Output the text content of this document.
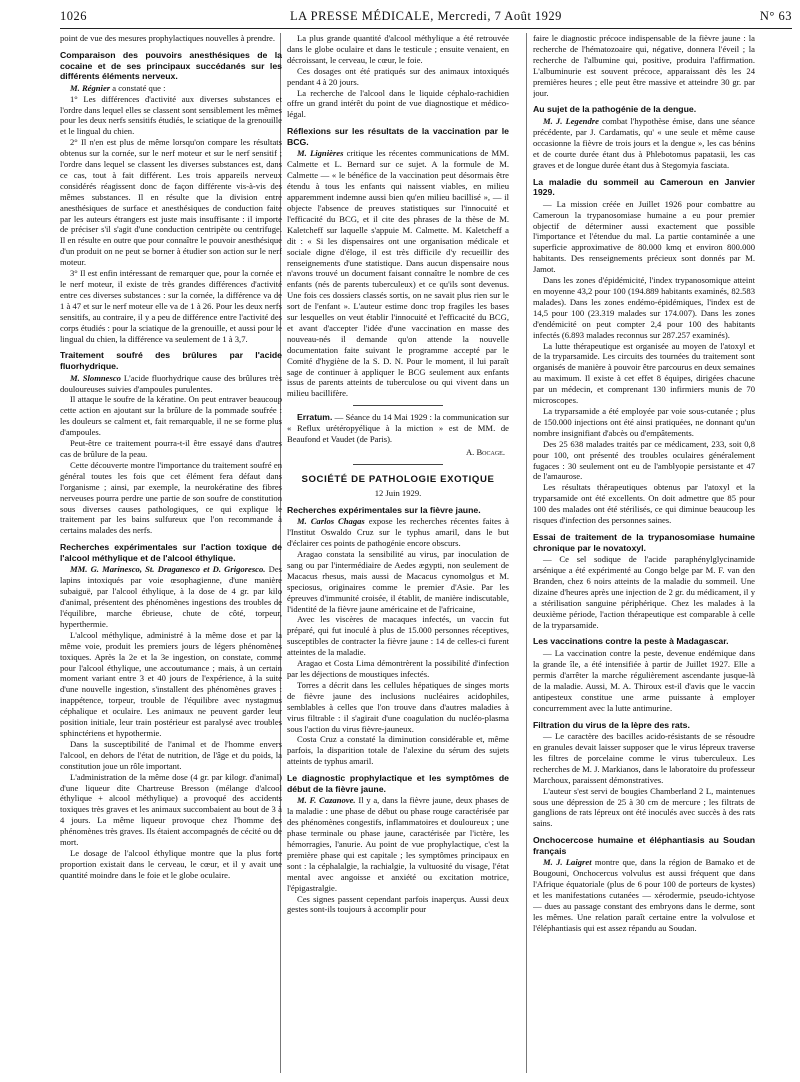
1026	LA PRESSE MÉDICALE, Mercredi, 7 Août 1929	N° 63

point de vue des mesures prophylactiques nouvelles à prendre.

Comparaison des pouvoirs anesthésiques de la cocaine et de ses principaux succédanés sur les différents éléments nerveux.

M. Régnier a constaté que :

1° Les différences d'activité aux diverses substances et l'ordre dans lequel elles se classent sont sensiblement les mêmes pour les deux nerfs sensitifs étudiés, le sciatique de la grenouille et le lingual du chien.

2° Il n'en est plus de même lorsqu'on compare les résultats obtenus sur la cornée, sur le nerf moteur et sur le nerf sensitif ; l'ordre dans lequel se classent les diverses substances est, dans ce cas, tout à fait différent. Les trois appareils nerveux considérés réagissent donc de façon différente vis-à-vis des mêmes substances. Il en résulte que la division entre anesthésiques de surface et anesthésiques de conduction faite par les auteurs étrangers est juste mais insuffisante : il importe de préciser s'il s'agit d'une conduction centripète ou centrifuge. Il en résulte en outre que pour connaître le pouvoir anesthésique d'un produit on ne peut se borner à étudier son action sur le nerf moteur.

3° Il est enfin intéressant de remarquer que, pour la cornée et le nerf moteur, il existe de très grandes différences d'activité entre ces diverses substances : sur la cornée, la différence va de 1 à 47 et sur le nerf moteur elle va de 1 à 26. Pour les deux nerfs sensitifs, au contraire, il y a peu de différence entre l'activité des corps étudiés : pour la sciatique de la grenouille, et aussi pour le lingual du chien, la différence va seulement de 1 à 3,7.

Traitement soufré des brûlures par l'acide fluorhydrique.

M. Slomnesco L'acide fluorhydrique cause des brûlures très douloureuses suivies d'ampoules purulentes.

Il attaque le soufre de la kératine. On peut entraver beaucoup cette action en ajoutant sur la brûlure de la pommade soufrée : les douleurs se calment et, fait remarquable, il ne se forme plus d'ampoules.

Peut-être ce traitement pourra-t-il être essayé dans d'autres cas de brûlure de la peau.

Cette découverte montre l'importance du traitement soufré en général toutes les fois que cet élément fera défaut dans l'organisme ; ainsi, par exemple, la neurokératine des fibres nerveuses pourra perdre une partie de son soufre de constitution sous diverses causes pathologiques, ce qui explique le traitement par les bains sulfureux que l'on recommande à certains malades des nerfs.

Recherches expérimentales sur l'action toxique de l'alcool méthylique et de l'alcool éthylique.

MM. G. Marinesco, St. Draganesco et D. Grigoresco. Des lapins intoxiqués par voie œsophagienne, d'une manière subaiguë, par l'alcool éthylique, à la dose de 4 gr. par kilo d'animal, présentent des phénomènes ingestions des troubles de l'équilibre, marche ébrieuse, chute de côté, torpeur, hyperthermie.

L'alcool méthylique, administré à la même dose et par la même voie, produit les premiers jours de légers phénomènes toxiques. Après la 2e et la 3e ingestion, on constate, comme pour l'alcool éthylique, une accoutumance ; mais, à un certain moment variant entre 3 et 40 jours de l'expérience, à la suite d'une nouvelle ingestion, s'installent des phénomènes graves : inappétence, torpeur, trouble de l'équilibre avec nystagmus céphalique et oculaire. Les animaux ne peuvent garder leur position initiale, leur train postérieur est paralysé avec troubles sphinctériens et hypothermie.

Dans la susceptibilité de l'animal et de l'homme envers l'alcool, en dehors de l'état de nutrition, de l'âge et du poids, la constitution joue un rôle important.

L'administration de la même dose (4 gr. par kilogr. d'animal) d'une liqueur dite Chartreuse Bresson (mélange d'alcool éthylique + alcool méthylique) a provoqué des accidents toxiques très graves et les animaux succombaient au bout de 3 à 4 jours. La même liqueur provoque chez l'homme des phénomènes très graves. Ils étaient accompagnés de cécité ou de mort.

Le dosage de l'alcool éthylique montre que la plus forte proportion existait dans le cerveau, le cœur, et il y avait une quantité moindre dans le foie et le globe oculaire.

La plus grande quantité d'alcool méthylique a été retrouvée dans le globe oculaire et dans le testicule ; ensuite venaient, en décroissant, le cerveau, le cœur, le foie.

Ces dosages ont été pratiqués sur des animaux intoxiqués pendant 4 à 20 jours.

La recherche de l'alcool dans le liquide céphalo-rachidien offre un grand intérêt du point de vue diagnostique et médico-légal.

Réflexions sur les résultats de la vaccination par le BCG.

M. Lignières critique les récentes communications de MM. Calmette et L. Bernard sur ce sujet. A la formule de M. Calmette — « le bénéfice de la vaccination peut désormais être étendu à tous les enfants qui naissent viables, en milieu apparemment indemne aussi bien qu'en milieu bacillisé », — il objecte l'absence de preuves statistiques sur l'innocuité et l'efficacité du BCG, et il cite des phrases de la thèse de M. Kaletcheff sur laquelle s'appuie M. Calmette. M. Kaletcheff a dit : « Si les dispensaires ont une organisation médicale et sociale digne d'éloge, il est très difficile d'y recueillir des renseignements d'une statistique. Dans aucun dispensaire nous n'avons trouvé un document faisant connaître le nombre de ces enfants (nés de parents tuberculeux) et ce qu'ils sont devenus. Une fois ces dossiers classés sortis, on ne savait plus rien sur le sort de l'enfant ». L'auteur estime donc trop fragiles les bases sur lesquelles on veut établir l'innocuité et l'efficacité du BCG, et avant d'accepter l'idée d'une vaccination en masse des nouveau-nés il demande qu'on attende la nouvelle documentation faite suivant le programme accepté par le Comité d'hygiène de la S. D. N. Pour le moment, il lui paraît sage de continuer à appliquer le BCG seulement aux enfants issus de parents atteints de tuberculose ou qui vivent dans un milieu bacillifère.

Erratum. — Séance du 14 Mai 1929 : la communication sur « Reflux urétéropyélique à la miction » est de MM. de Beaufond et Vaudet (de Paris).

A. Bocage.
SOCIÉTÉ DE PATHOLOGIE EXOTIQUE
12 Juin 1929.
Recherches expérimentales sur la fièvre jaune.

M. Carlos Chagas expose les recherches récentes faites à l'Institut Oswaldo Cruz sur le typhus amaril, dans le but d'éclairer ces points de pathogénie encore obscurs.

Aragao constata la sensibilité au virus, par inoculation de sang ou par l'intermédiaire de Aedes ægypti, non seulement de Macacus rhesus, mais aussi de Macacus cynomolgus et M. speciosus, originaires comme le premier d'Asie. Par les épreuves d'immunité croisée, il établit, de manière indiscutable, l'identité de la fièvre jaune américaine et de l'africaine,

Avec les viscères de macaques infectés, un vaccin fut préparé, qui fut inoculé à plus de 15.000 personnes réceptives, susceptibles de contracter la fièvre jaune : 14 de celles-ci furent atteintes de la maladie.

Aragao et Costa Lima démontrèrent la possibilité d'infection par les déjections de moustiques infectés.

Torres a décrit dans les cellules hépatiques de singes morts de fièvre jaune des inclusions nucléaires acidophiles, semblables à celles que l'on trouve dans d'autres maladies à virus filtrable : il s'agirait d'une coagulation du nucléo-plasma sous l'action du virus fièvre-jauneux.

Costa Cruz a constaté la diminution considérable et, même parfois, la disparition totale de l'alexine du sérum des sujets atteints de typhus amaril.

Le diagnostic prophylactique et les symptômes de début de la fièvre jaune.

M. F. Cazanove. Il y a, dans la fièvre jaune, deux phases de la maladie : une phase de début ou phase rouge caractérisée par des phénomènes congestifs, inflammatoires et douloureux ; une phase terminale ou phase jaune, caractérisée par l'ictère, les hémorragies, l'anurie. Au point de vue prophylactique, c'est la première phase qui est capitale ; les symptômes principaux en sont : la céphalalgie, la rachialgie, la vultuosité du visage, l'état mental avec angoisse et anxiété ou excitation motrice, l'épigastralgie.

Ces signes passent cependant parfois inaperçus. Aussi deux gestes sont-ils toujours à accomplir pour

faire le diagnostic précoce indispensable de la fièvre jaune : la recherche de l'hématozoaire qui, négative, donnera l'éveil ; la recherche de l'albumine qui, positive, produira l'affirmation. L'albuminurie est souvent précoce, apparaissant dès les 24 premières heures ; elle peut être massive et atteindre 30 gr. par jour.

Au sujet de la pathogénie de la dengue.

M. J. Legendre combat l'hypothèse émise, dans une séance précédente, par J. Cardamatis, qu' « une seule et même cause occasionne la fièvre de trois jours et la dengue », les cas bénins et de courte durée étant dus à Phlebotomus papatasii, les cas graves et de longue durée étant dus à Stegomyia fasciata.

La maladie du sommeil au Cameroun en Janvier 1929.

— La mission créée en Juillet 1926 pour combattre au Cameroun la trypanosomiase humaine a eu pour premier objectif de déterminer aussi exactement que possible l'importance et l'étendue du mal. La partie contaminée a une superficie approximative de 80.000 kmq et environ 800.000 habitants. Des renseignements précieux sont donnés par M. Jamot.

Dans les zones d'épidémicité, l'index trypanosomique atteint en moyenne 43,2 pour 100 (194.889 habitants examinés, 82.583 malades). Dans les zones endémo-épidémiques, l'index est de 14,5 pour 100 (23.319 malades sur 174.007). Dans les zones d'endémicité on peut compter 2,4 pour 100 des habitants infectés (6.893 malades reconnus sur 287.257 examinés).

La lutte thérapeutique est organisée au moyen de l'atoxyl et de la tryparsamide. Les circuits des tournées du traitement sont organisés de manière à pouvoir être parcourus en deux semaines au maximum. Il existe à cet effet 8 équipes, dirigées chacune par un médecin, et comprenant 130 infirmiers munis de 70 microscopes.

La tryparsamide a été employée par voie sous-cutanée ; plus de 150.000 injections ont été ainsi pratiquées, ne donnant qu'un nombre insignifiant d'abcès ou d'empâtements.

Des 25 638 malades traités par ce médicament, 233, soit 0,8 pour 100, ont présenté des troubles oculaires généralement fugaces : 30 seulement ont eu de l'amblyopie persistante et 47 de l'amaurose.

Les résultats thérapeutiques obtenus par l'atoxyl et la tryparsamide ont été excellents. On doit admettre que 85 pour 100 des malades ont été stérilisés, ce qui diminue beaucoup les risques d'infection des personnes saines.

Essai de traitement de la trypanosomiase humaine chronique par le novatoxyl.

— Ce sel sodique de l'acide paraphénylglycinamide arsénique a été expérimenté au Congo belge par M. F. van den Branden, chez 6 noirs atteints de la maladie du sommeil. Une dizaine d'heures après une injection de 2 gr. du médicament, il y a stérilisation sanguine périphérique. Chez les malades à la deuxième période, l'action thérapeutique est comparable à celle de la tryparsamide.

Les vaccinations contre la peste à Madagascar.

— La vaccination contre la peste, devenue endémique dans la grande île, a été intensifiée à partir de Juillet 1927. Elle a permis d'arrêter la marche régulièrement ascendante jusque-là de la maladie. Aussi, M. A. Thiroux est-il d'avis que le vaccin antipesteux constitue une arme puissante à employer concurremment avec la lutte antimurine.

Filtration du virus de la lèpre des rats.

— Le caractère des bacilles acido-résistants de se résoudre en granules devait laisser supposer que le virus lépreux traverse les filtres de porcelaine comme le virus tuberculeux. Les recherches de M. J. Markianos, dans le laboratoire du professeur Marchoux, paraissent démonstratives.

L'auteur s'est servi de bougies Chamberland 2 L, maintenues sous une dépression de 25 à 30 cm de mercure ; les filtrats de ganglions de rats lépreux ont été inoculés avec succès à des rats sains.

Onchocercose humaine et éléphantiasis au Soudan français

M. J. Laigret montre que, dans la région de Bamako et de Bougouni, Onchocercus volvulus est aussi fréquent que dans l'Afrique équatoriale (plus de 6 pour 100 de porteurs de kystes) et les manifestations cutanées — xérodermie, pseudo-ichtyose — dues au passage constant des embryons dans le derme, sont les mêmes. Une relation paraît certaine entre la volvulose et l'éléphantiasis qui est assez répandu au Soudan.
